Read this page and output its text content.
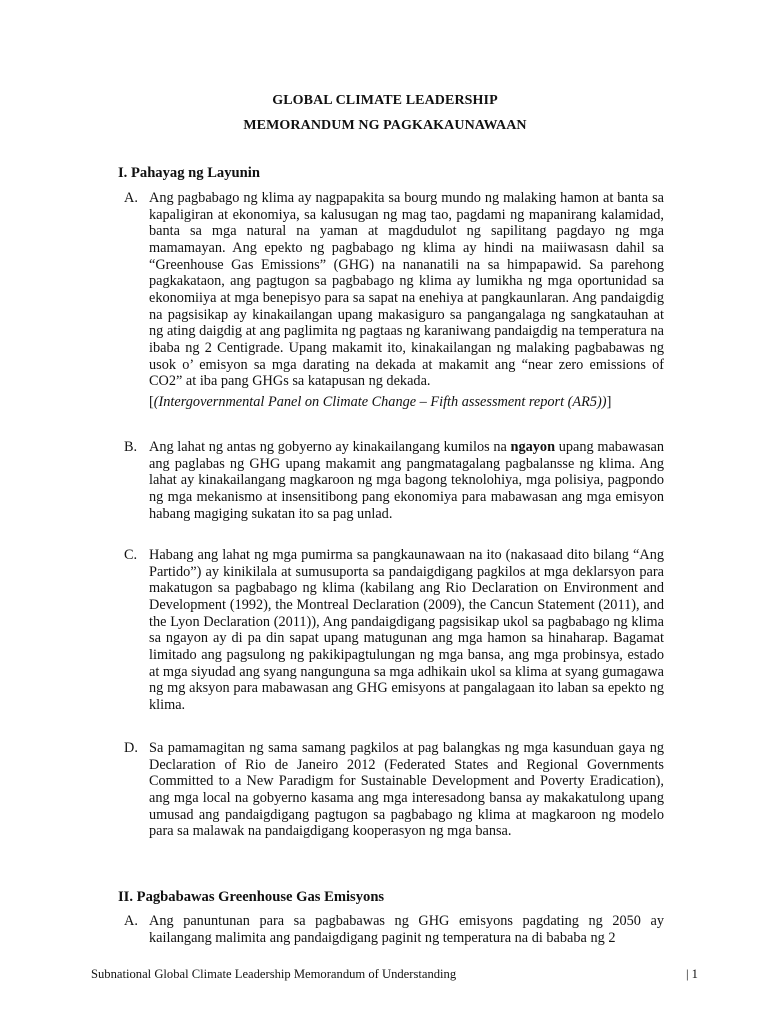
GLOBAL CLIMATE LEADERSHIP
MEMORANDUM NG PAGKAKAUNAWAAN
I. Pahayag ng Layunin
A. Ang pagbabago ng klima ay nagpapakita sa bourg mundo ng malaking hamon at banta sa kapaligiran at ekonomiya, sa kalusugan ng mag tao, pagdami ng mapanirang kalamidad, banta sa mga natural na yaman at magdudulot ng sapilitang pagdayo ng mga mamamayan. Ang epekto ng pagbabago ng klima ay hindi na maiiwasasn dahil sa “Greenhouse Gas Emissions” (GHG) na nananatili na sa himpapawid. Sa parehong pagkakataon, ang pagtugon sa pagbabago ng klima ay lumikha ng mga oportunidad sa ekonomiiya at mga benepisyo para sa sapat na enehiya at pangkaunlaran. Ang pandaigdig na pagsisikap ay kinakailangan upang makasiguro sa pangangalaga ng sangkatauhan at ng ating daigdig at ang paglimita ng pagtaas ng karaniwang pandaigdig na temperatura na ibaba ng 2 Centigrade. Upang makamit ito, kinakailangan ng malaking pagbabawas ng usok o’ emisyon sa mga darating na dekada at makamit ang “near zero emissions of CO2” at iba pang GHGs sa katapusan ng dekada.
[(Intergovernmental Panel on Climate Change – Fifth assessment report (AR5))]
B. Ang lahat ng antas ng gobyerno ay kinakailangang kumilos na ngayon upang mabawasan ang paglabas ng GHG upang makamit ang pangmatagalang pagbalansse ng klima. Ang lahat ay kinakailangang magkaroon ng mga bagong teknolohiya, mga polisiya, pagpondo ng mga mekanismo at insensitibong pang ekonomiya para mabawasan ang mga emisyon habang magiging sukatan ito sa pag unlad.
C. Habang ang lahat ng mga pumirma sa pangkaunawaan na ito (nakasaad dito bilang “Ang Partido”) ay kinikilala at sumusuporta sa pandaigdigang pagkilos at mga deklarsyon para makatugon sa pagbabago ng klima (kabilang ang Rio Declaration on Environment and Development (1992), the Montreal Declaration (2009), the Cancun Statement (2011), and the Lyon Declaration (2011)), Ang pandaigdigang pagsisikap ukol sa pagbabago ng klima sa ngayon ay di pa din sapat upang matugunan ang mga hamon sa hinaharap. Bagamat limitado ang pagsulong ng pakikipagtulungan ng mga bansa, ang mga probinsya, estado at mga siyudad ang syang nangunguna sa mga adhikain ukol sa klima at syang gumagawa ng mg aksyon para mabawasan ang GHG emisyons at pangalagaan ito laban sa epekto ng klima.
D. Sa pamamagitan ng sama samang pagkilos at pag balangkas ng mga kasunduan gaya ng Declaration of Rio de Janeiro 2012 (Federated States and Regional Governments Committed to a New Paradigm for Sustainable Development and Poverty Eradication), ang mga local na gobyerno kasama ang mga interesadong bansa ay makakatulong upang umusad ang pandaigdigang pagtugon sa pagbabago ng klima at magkaroon ng modelo para sa malawak na pandaigdigang kooperasyon ng mga bansa.
II. Pagbabawas Greenhouse Gas Emisyons
A. Ang panuntunan para sa pagbabawas ng GHG emisyons pagdating ng 2050 ay kailangang malimita ang pandaigdigang paginit ng temperatura na di bababa ng 2
Subnational Global Climate Leadership Memorandum of Understanding	| 1
